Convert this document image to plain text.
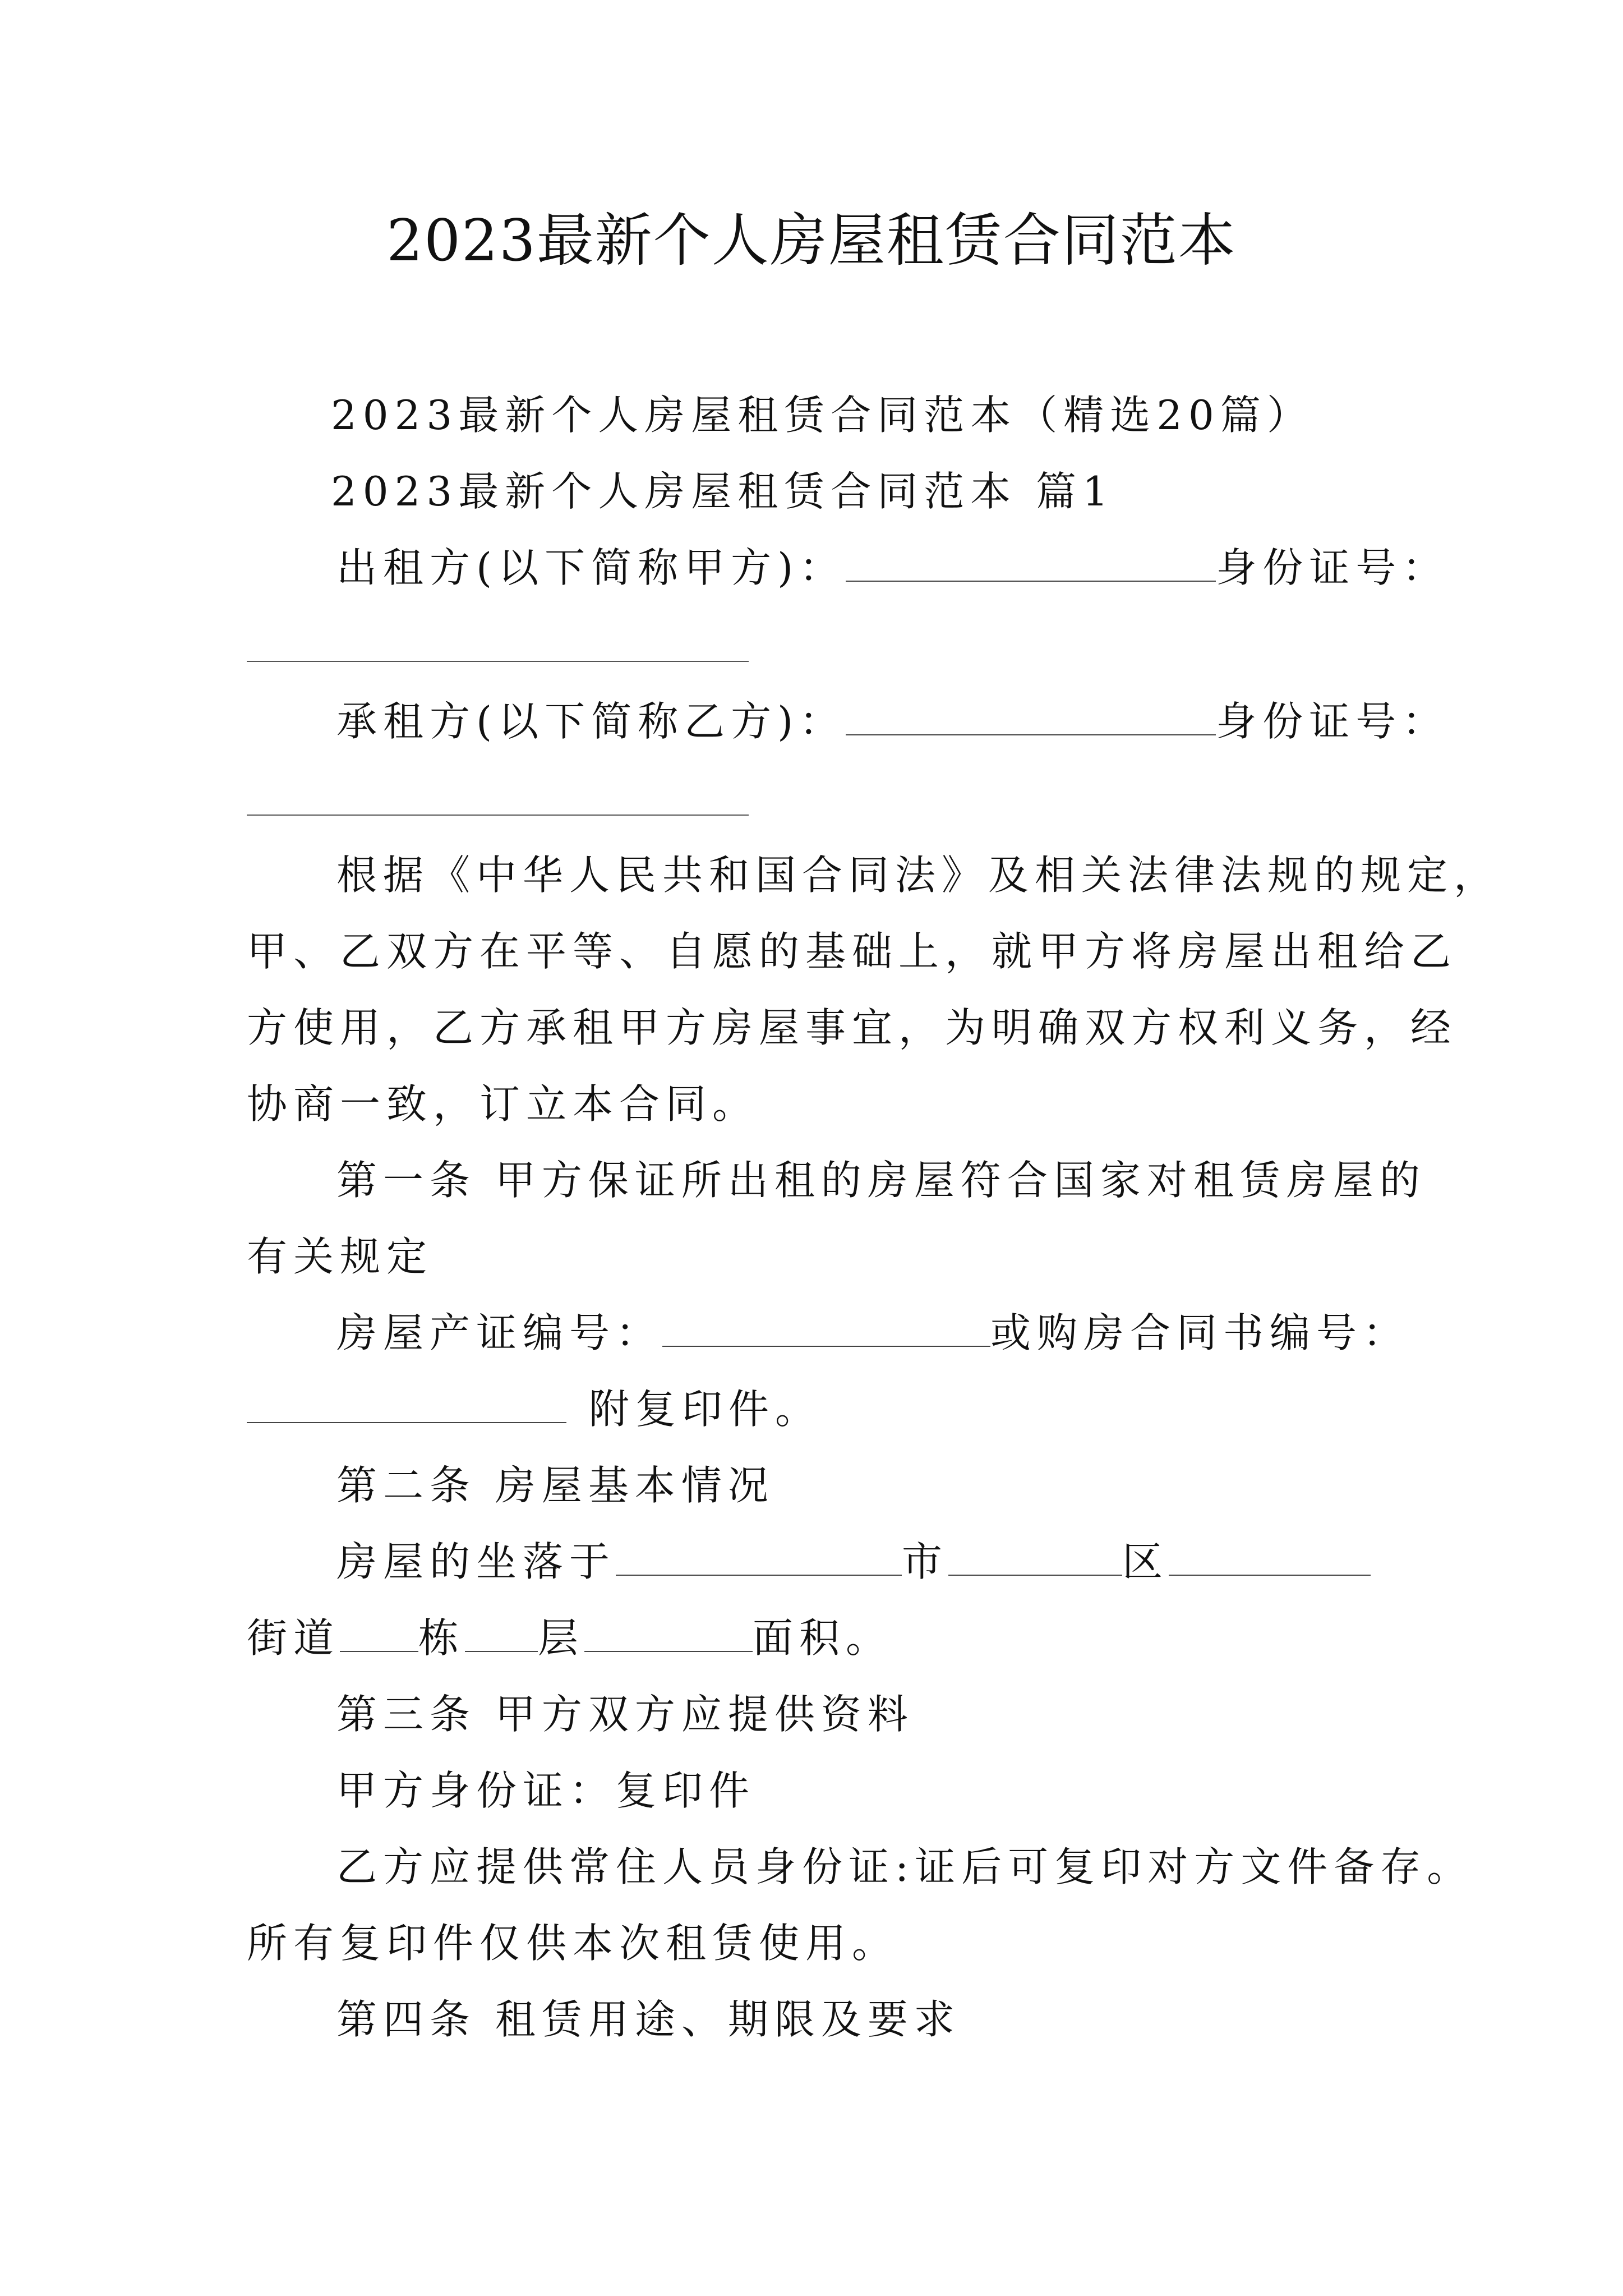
2023最新个人房屋租赁合同范本
2023最新个人房屋租赁合同范本（精选20篇）
2023最新个人房屋租赁合同范本 篇1
出租方(以下简称甲方)：	身份证号：
承租方(以下简称乙方)：	身份证号：
根据《中华人民共和国合同法》及相关法律法规的规定，
甲、乙双方在平等、自愿的基础上，就甲方将房屋出租给乙
方使用，乙方承租甲方房屋事宜，为明确双方权利义务，经
协商一致，订立本合同。
第一条 甲方保证所出租的房屋符合国家对租赁房屋的
有关规定
房屋产证编号：	或购房合同书编号：
附复印件。
第二条 房屋基本情况
房屋的坐落于	市	区
街道 栋 层	面积。
第三条 甲方双方应提供资料
甲方身份证：复印件
乙方应提供常住人员身份证:证后可复印对方文件备存。
所有复印件仅供本次租赁使用。
第四条 租赁用途、期限及要求
